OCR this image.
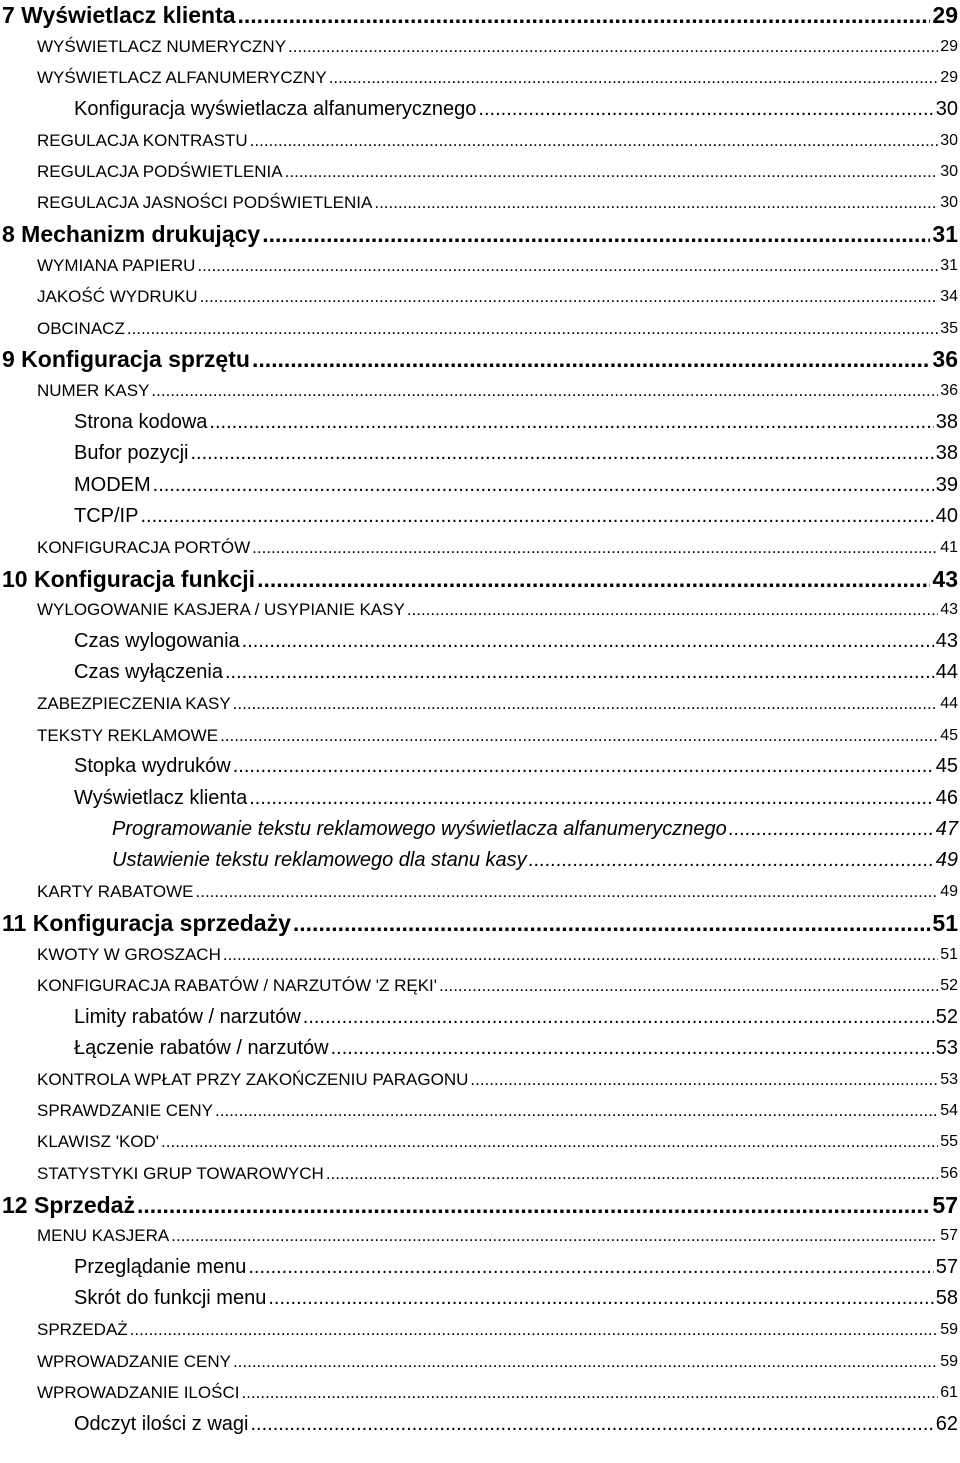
7 Wyświetlacz klienta .....	29
WYŚWIETLACZ NUMERYCZNY .....	29
WYŚWIETLACZ ALFANUMERYCZNY .....	29
Konfiguracja wyświetlacza alfanumerycznego .....	30
REGULACJA KONTRASTU .....	30
REGULACJA PODŚWIETLENIA .....	30
REGULACJA JASNOŚCI PODŚWIETLENIA .....	30
8 Mechanizm drukujący .....	31
WYMIANA PAPIERU .....	31
JAKOŚĆ WYDRUKU .....	34
OBCINACZ .....	35
9 Konfiguracja sprzętu .....	36
NUMER KASY .....	36
Strona kodowa .....	38
Bufor pozycji .....	38
MODEM .....	39
TCP/IP .....	40
KONFIGURACJA PORTÓW .....	41
10 Konfiguracja funkcji .....	43
WYLOGOWANIE KASJERA / USYPIANIE KASY .....	43
Czas wylogowania .....	43
Czas wyłączenia .....	44
ZABEZPIECZENIA KASY .....	44
TEKSTY REKLAMOWE .....	45
Stopka wydruków .....	45
Wyświetlacz klienta .....	46
Programowanie tekstu reklamowego wyświetlacza alfanumerycznego .....	47
Ustawienie tekstu reklamowego dla stanu kasy .....	49
KARTY RABATOWE .....	49
11 Konfiguracja sprzedaży .....	51
KWOTY W GROSZACH .....	51
KONFIGURACJA RABATÓW / NARZUTÓW 'Z RĘKI' .....	52
Limity rabatów / narzutów .....	52
Łączenie rabatów / narzutów .....	53
KONTROLA WPŁAT PRZY ZAKOŃCZENIU PARAGONU .....	53
SPRAWDZANIE CENY .....	54
KLAWISZ 'KOD' .....	55
STATYSTYKI GRUP TOWAROWYCH .....	56
12 Sprzedaż .....	57
MENU KASJERA .....	57
Przeglądanie menu .....	57
Skrót do funkcji menu .....	58
SPRZEDAŻ .....	59
WPROWADZANIE CENY .....	59
WPROWADZANIE ILOŚCI .....	61
Odczyt ilości z wagi .....	62
